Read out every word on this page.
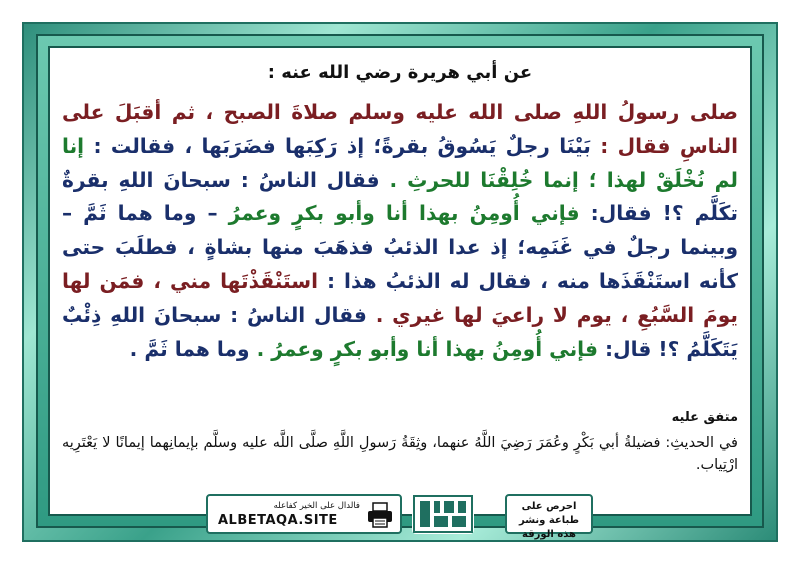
عن أبي هريرة رضي الله عنه :
صلى رسولُ اللهِ صلى الله عليه وسلم صلاةَ الصبح ، ثم أقبَلَ على الناسِ فقال : بَيْنَا رجلٌ يَسُوقُ بقرةً؛ إذ رَكِبَها فضَرَبَها ، فقالت : إنا لم نُخْلَقْ لهذا ؛ إنما خُلِقْنَا للحرثِ . فقال الناسُ : سبحانَ اللهِ بقرةٌ تكَلَّم ؟! فقال: فإني أُومِنُ بهذا أنا وأبو بكرٍ وعمرُ – وما هما ثَمَّ – وبينما رجلٌ في غَنَمِه؛ إذ عدا الذئبُ فذهَبَ منها بشاةٍ ، فطلَبَ حتى كأنه استَنْقَذَها منه ، فقال له الذئبُ هذا : استَنْقَذْتَها مني ، فمَن لها يومَ السَّبُعِ ، يوم لا راعيَ لها غيري . فقال الناسُ : سبحانَ اللهِ ذِئْبٌ يَتَكَلَّمُ ؟! قال: فإني أُومِنُ بهذا أنا وأبو بكرٍ وعمرُ . وما هما ثَمَّ .
متفق عليه
في الحديثِ: فضيلةُ أبي بَكْرٍ وعُمَرَ رَضِيَ اللَّهُ عنهما، وثِقَةُ رَسولِ اللَّهِ صلَّى اللَّه عليه وسلَّم بإيمانِهما إيمانًا لا يَعْتَرِيه ارْتِياب.
احرص على طباعة ونشر هذه الورقة
فالدال على الخير كفاعله
ALBETAQA.SITE
